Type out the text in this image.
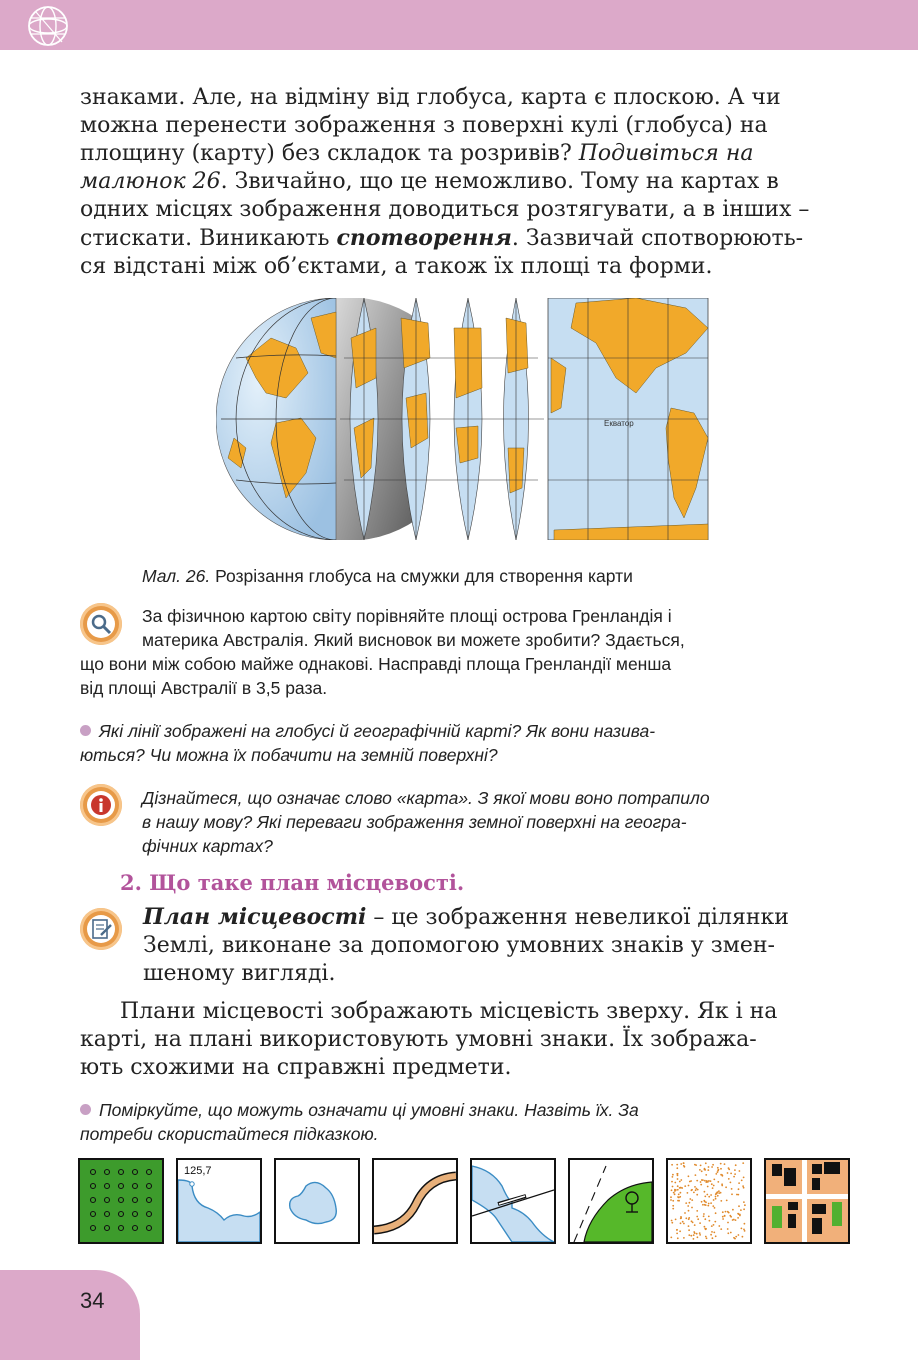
знаками. Але, на відміну від глобуса, карта є плоскою. А чи
можна перенести зображення з поверхні кулі (глобуса) на
площину (карту) без складок та розривів? Подивіться на
малюнок 26. Звичайно, що це неможливо. Тому на картах в
одних місцях зображення доводиться розтягувати, а в інших –
стискати. Виникають спотворення. Зазвичай спотворюють-
ся відстані між об’єктами, а також їх площі та форми.
Екватор
Мал. 26. Розрізання глобуса на смужки для створення карти
За фізичною картою світу порівняйте площі острова Гренландія і
материка Австралія. Який висновок ви можете зробити? Здається,
що вони між собою майже однакові. Насправді площа Гренландії менша
від площі Австралії в 3,5 раза.
Які лінії зображені на глобусі й географічній карті? Як вони назива-
ються? Чи можна їх побачити на земній поверхні?
Дізнайтеся, що означає слово «карта». З якої мови воно потрапило
в нашу мову? Які переваги зображення земної поверхні на геогра-
фічних картах?
2. Що таке план місцевості.
План місцевості – це зображення невеликої ділянки
Землі, виконане за допомогою умовних знаків у змен-
шеному вигляді.
Плани місцевості зображають місцевість зверху. Як і на
карті, на плані використовують умовні знаки. Їх зобража-
ють схожими на справжні предмети.
Поміркуйте, що можуть означати ці умовні знаки. Назвіть їх. За
потреби скористайтеся підказкою.
125,7
34
